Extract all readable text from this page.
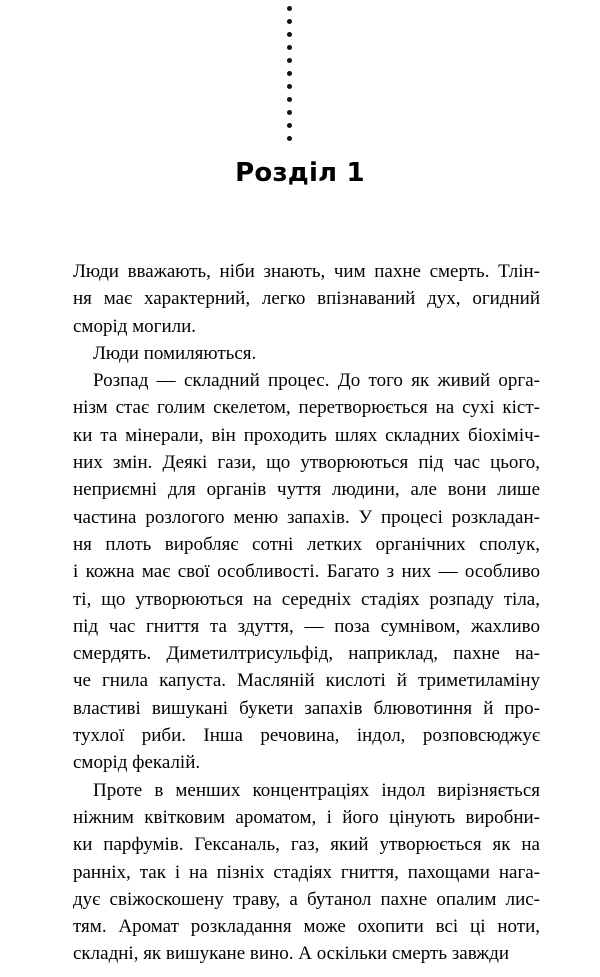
Розділ 1

Люди вважають, ніби знають, чим пахне смерть. Тлін-
ня має характерний, легко впізнаваний дух, огидний
сморід могили.

Люди помиляються.

Розпад — складний процес. До того як живий орга-
нізм стає голим скелетом, перетворюється на сухі кіст-
ки та мінерали, він проходить шлях складних біохіміч-
них змін. Деякі гази, що утворюються під час цього,
неприємні для органів чуття людини, але вони лише
частина розлогого меню запахів. У процесі розкладан-
ня плоть виробляє сотні летких органічних сполук,
і кожна має свої особливості. Багато з них — особливо
ті, що утворюються на середніх стадіях розпаду тіла,
під час гниття та здуття, — поза сумнівом, жахливо
смердять. Диметилтрисульфід, наприклад, пахне на-
че гнила капуста. Масляній кислоті й триметиламіну
властиві вишукані букети запахів блювотиння й про-
тухлої риби. Інша речовина, індол, розповсюджує
сморід фекалій.

Проте в менших концентраціях індол вирізняється
ніжним квітковим ароматом, і його цінують виробни-
ки парфумів. Гексаналь, газ, який утворюється як на
ранніх, так і на пізніх стадіях гниття, пахощами нага-
дує свіжоскошену траву, а бутанол пахне опалим лис-
тям. Аромат розкладання може охопити всі ці ноти,
складні, як вишукане вино. А оскільки смерть завжди
